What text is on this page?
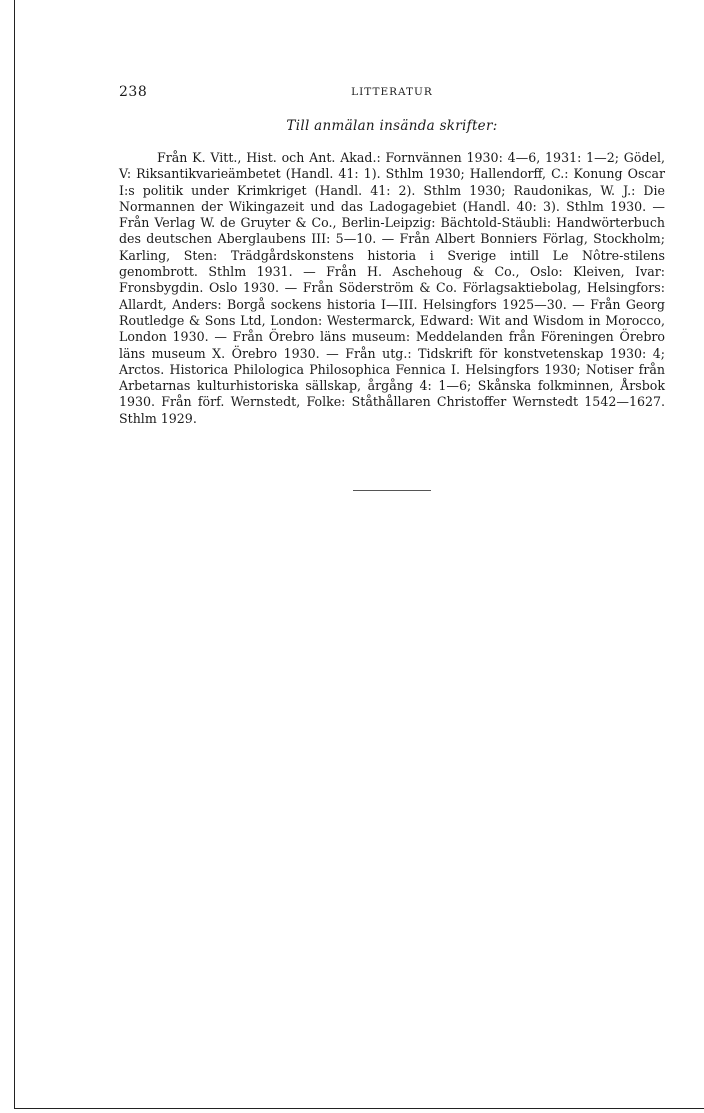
238	LITTERATUR
Till anmälan insända skrifter:

Från K. Vitt., Hist. och Ant. Akad.: Fornvännen 1930: 4—6, 1931: 1—2; Gödel, V: Riksantikvarieämbetet (Handl. 41: 1). Sthlm 1930; Hallendorff, C.: Konung Oscar I:s politik under Krimkriget (Handl. 41: 2). Sthlm 1930; Raudonikas, W. J.: Die Normannen der Wikingazeit und das Ladogagebiet (Handl. 40: 3). Sthlm 1930. — Från Verlag W. de Gruyter & Co., Berlin-Leipzig: Bächtold-Stäubli: Handwörterbuch des deutschen Aberglaubens III: 5—10. — Från Albert Bonniers Förlag, Stockholm; Karling, Sten: Trädgårdskonstens historia i Sverige intill Le Nôtre-stilens genombrott. Sthlm 1931. — Från H. Aschehoug & Co., Oslo: Kleiven, Ivar: Fronsbygdin. Oslo 1930. — Från Söderström & Co. Förlagsaktiebolag, Helsingfors: Allardt, Anders: Borgå sockens historia I—III. Helsingfors 1925—30. — Från Georg Routledge & Sons Ltd, London: Westermarck, Edward: Wit and Wisdom in Morocco, London 1930. — Från Örebro läns museum: Meddelanden från Föreningen Örebro läns museum X. Örebro 1930. — Från utg.: Tidskrift för konstvetenskap 1930: 4; Arctos. Historica Philologica Philosophica Fennica I. Helsingfors 1930; Notiser från Arbetarnas kulturhistoriska sällskap, årgång 4: 1—6; Skånska folkminnen, Årsbok 1930. Från förf. Wernstedt, Folke: Ståthållaren Christoffer Wernstedt 1542—1627. Sthlm 1929.
